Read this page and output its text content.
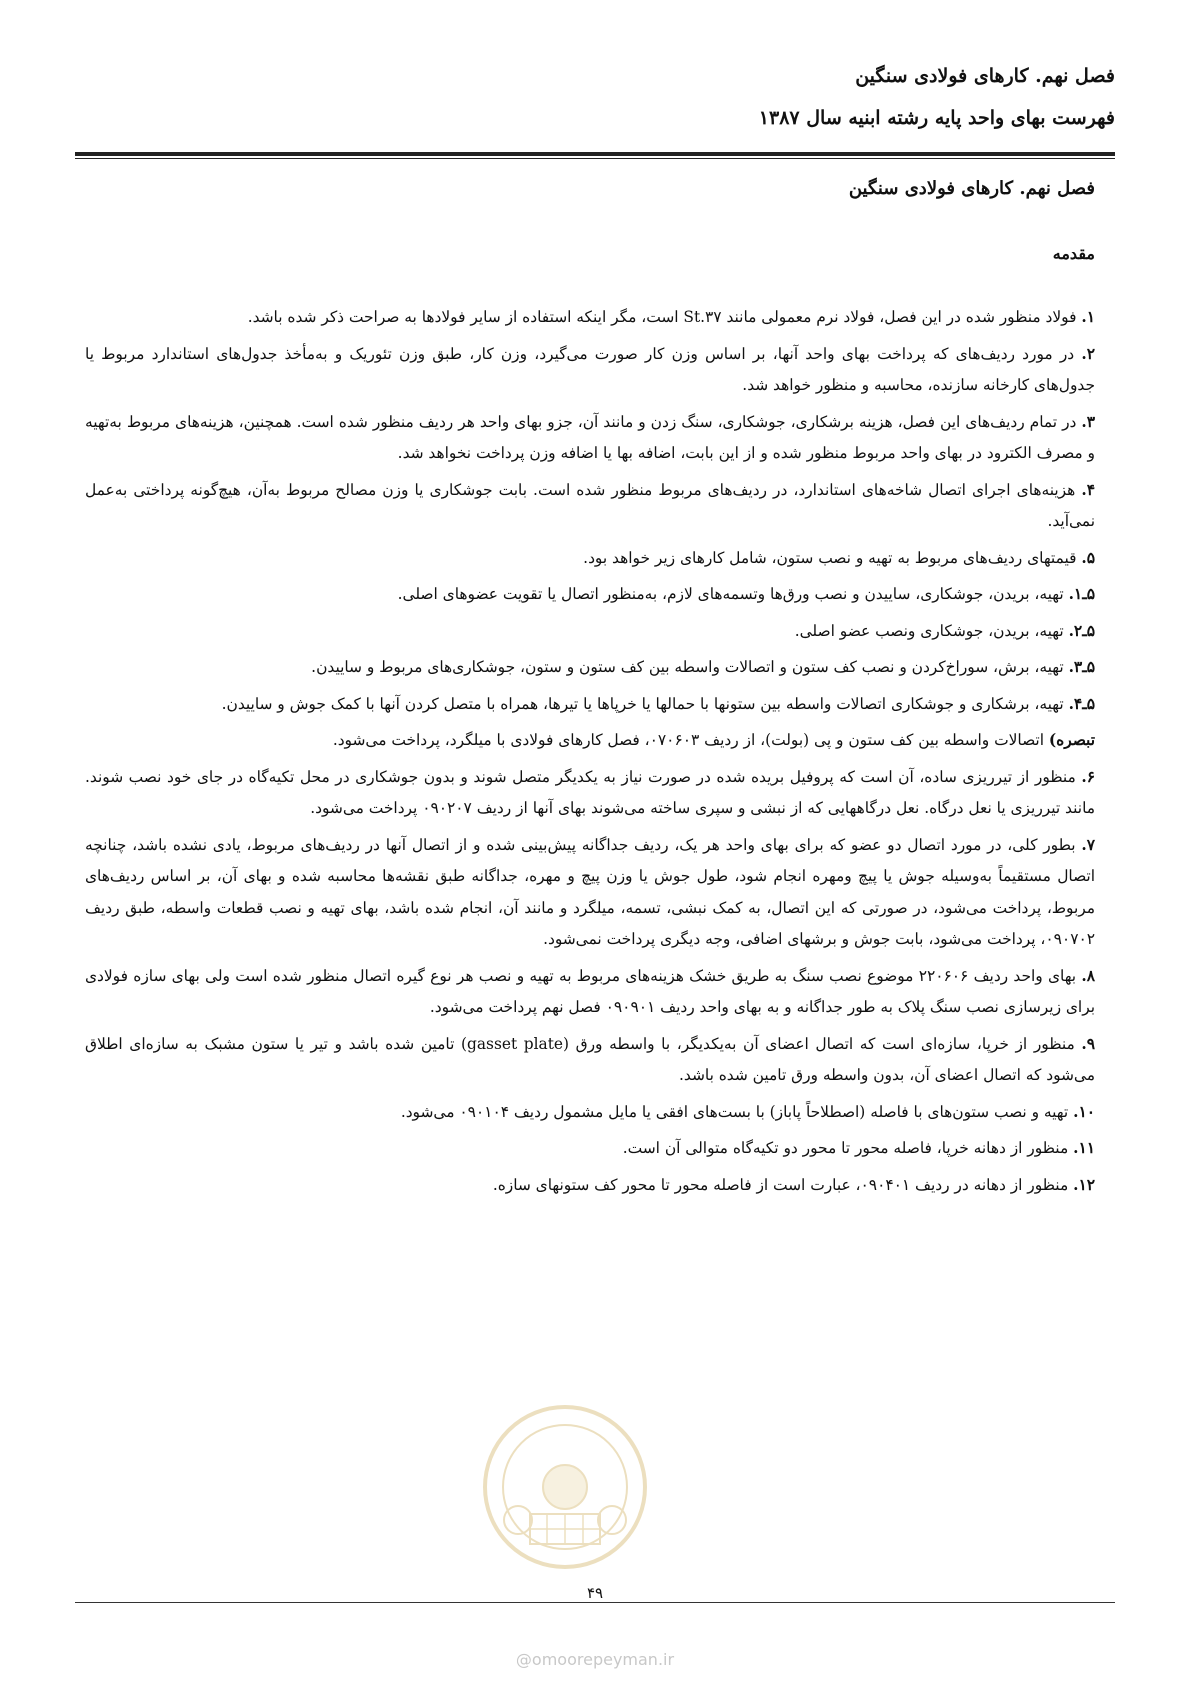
فصل نهم. کارهای فولادی سنگین
فهرست بهای واحد پایه رشته ابنیه سال ۱۳۸۷
فصل نهم. کارهای فولادی سنگین
مقدمه

۱. فولاد منظور شده در این فصل، فولاد نرم معمولی مانند St.۳۷ است، مگر اینکه استفاده از سایر فولادها به صراحت ذکر شده باشد.

۲. در مورد ردیف‌های که پرداخت بهای واحد آنها، بر اساس وزن کار صورت می‌گیرد، وزن کار، طبق وزن تئوریک و به‌مأخذ جدول‌های استاندارد مربوط یا جدول‌های کارخانه سازنده، محاسبه و منظور خواهد شد.

۳. در تمام ردیف‌های این فصل، هزینه برشکاری، جوشکاری، سنگ زدن و مانند آن، جزو بهای واحد هر ردیف منظور شده است. همچنین، هزینه‌های مربوط به‌تهیه و مصرف الکترود در بهای واحد مربوط منظور شده و از این بابت، اضافه بها یا اضافه وزن پرداخت نخواهد شد.

۴. هزینه‌های اجرای اتصال شاخه‌های استاندارد، در ردیف‌های مربوط منظور شده است. بابت جوشکاری یا وزن مصالح مربوط به‌آن، هیچ‌گونه پرداختی به‌عمل نمی‌آید.

۵. قیمتهای ردیف‌های مربوط به تهیه و نصب ستون، شامل کارهای زیر خواهد بود.

۵ـ۱. تهیه، بریدن، جوشکاری، ساییدن و نصب ورق‌ها وتسمه‌های لازم، به‌منظور اتصال یا تقویت عضوهای اصلی.

۵ـ۲. تهیه، بریدن، جوشکاری ونصب عضو اصلی.

۵ـ۳. تهیه، برش، سوراخ‌کردن و نصب کف ستون و اتصالات واسطه بین کف ستون و ستون، جوشکاری‌های مربوط و ساییدن.

۵ـ۴. تهیه، برشکاری و جوشکاری اتصالات واسطه بین ستونها با حمالها یا خرپاها یا تیرها، همراه با متصل کردن آنها با کمک جوش و ساییدن.

تبصره) اتصالات واسطه بین کف ستون و پی (بولت)، از ردیف ۰۷۰۶۰۳، فصل کارهای فولادی با میلگرد، پرداخت می‌شود.

۶. منظور از تیرریزی ساده، آن است که پروفیل بریده شده در صورت نیاز به یکدیگر متصل شوند و بدون جوشکاری در محل تکیه‌گاه در جای خود نصب شوند. مانند تیرریزی یا نعل درگاه. نعل درگاههایی که از نبشی و سپری ساخته می‌شوند بهای آنها از ردیف ۰۹۰۲۰۷ پرداخت می‌شود.

۷. بطور کلی، در مورد اتصال دو عضو که برای بهای واحد هر یک، ردیف جداگانه پیش‌بینی شده و از اتصال آنها در ردیف‌های مربوط، یادی نشده باشد، چنانچه اتصال مستقیماً به‌وسیله جوش یا پیچ ومهره انجام شود، طول جوش یا وزن پیچ و مهره، جداگانه طبق نقشه‌ها محاسبه شده و بهای آن، بر اساس ردیف‌های مربوط، پرداخت می‌شود، در صورتی که این اتصال، به کمک نبشی، تسمه، میلگرد و مانند آن، انجام شده باشد، بهای تهیه و نصب قطعات واسطه، طبق ردیف ۰۹۰۷۰۲، پرداخت می‌شود، بابت جوش و برشهای اضافی، وجه دیگری پرداخت نمی‌شود.

۸. بهای واحد ردیف ۲۲۰۶۰۶ موضوع نصب سنگ به طریق خشک هزینه‌های مربوط به تهیه و نصب هر نوع گیره اتصال منظور شده است ولی بهای سازه فولادی برای زیرسازی نصب سنگ پلاک به طور جداگانه و به بهای واحد ردیف ۰۹۰۹۰۱ فصل نهم پرداخت می‌شود.

۹. منظور از خرپا، سازه‌ای است که اتصال اعضای آن به‌یکدیگر، با واسطه ورق (gasset plate) تامین شده باشد و تیر یا ستون مشبک به سازه‌ای اطلاق می‌شود که اتصال اعضای آن، بدون واسطه ورق تامین شده باشد.

۱۰. تهیه و نصب ستون‌های با فاصله (اصطلاحاً پاباز) با بست‌های افقی یا مایل مشمول ردیف ۰۹۰۱۰۴ می‌شود.

۱۱. منظور از دهانه خرپا، فاصله محور تا محور دو تکیه‌گاه متوالی آن است.

۱۲. منظور از دهانه در ردیف ۰۹۰۴۰۱، عبارت است از فاصله محور تا محور کف ستونهای سازه.

۴۹
@omoorepeyman.ir
